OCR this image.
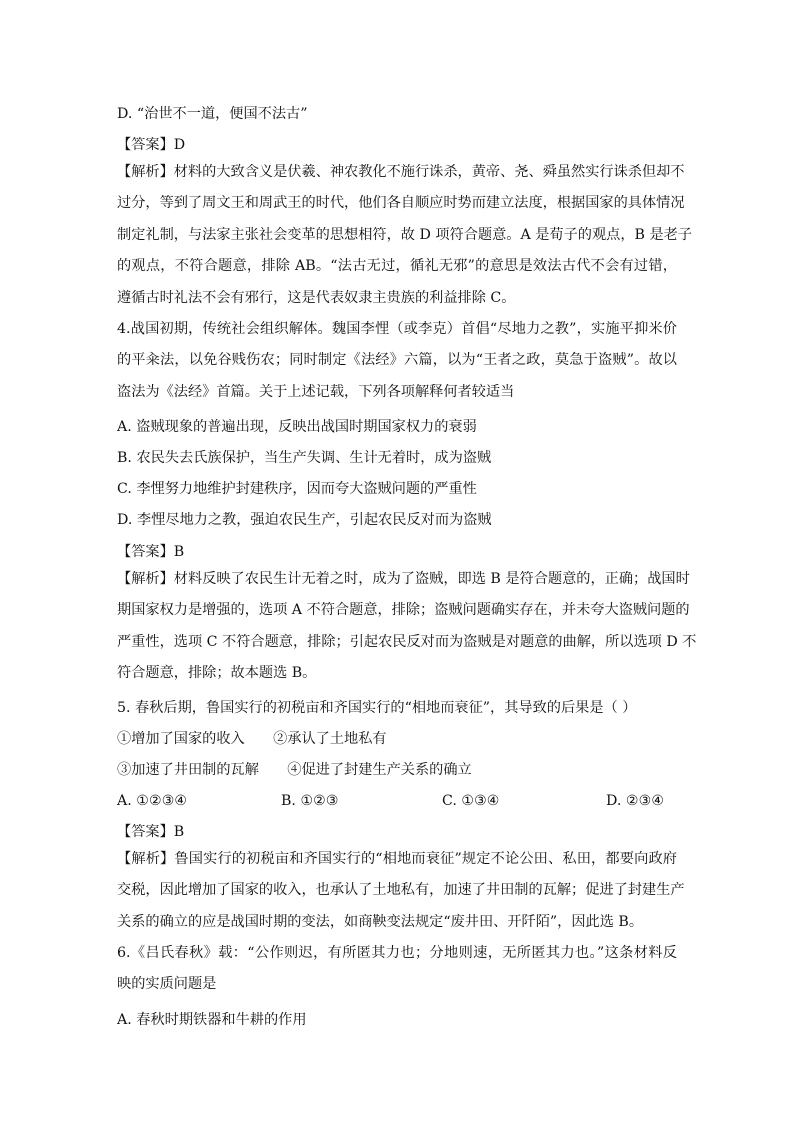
D. “治世不一道，便国不法古”
【答案】D
【解析】材料的大致含义是伏羲、神农教化不施行诛杀，黄帝、尧、舜虽然实行诛杀但却不
过分，等到了周文王和周武王的时代，他们各自顺应时势而建立法度，根据国家的具体情况
制定礼制，与法家主张社会变革的思想相符，故 D 项符合题意。A 是荀子的观点，B 是老子
的观点，不符合题意，排除 AB。“法古无过，循礼无邪”的意思是效法古代不会有过错，
遵循古时礼法不会有邪行，这是代表奴隶主贵族的利益排除 C。
4.战国初期，传统社会组织解体。魏国李悝（或李克）首倡“尽地力之教”，实施平抑米价
的平籴法，以免谷贱伤农；同时制定《法经》六篇，以为“王者之政，莫急于盗贼”。故以
盗法为《法经》首篇。关于上述记载，下列各项解释何者较适当
A. 盗贼现象的普遍出现，反映出战国时期国家权力的衰弱
B. 农民失去氏族保护，当生产失调、生计无着时，成为盗贼
C. 李悝努力地维护封建秩序，因而夸大盗贼问题的严重性
D. 李悝尽地力之教，强迫农民生产，引起农民反对而为盗贼
【答案】B
【解析】材料反映了农民生计无着之时，成为了盗贼，即选 B 是符合题意的，正确；战国时
期国家权力是增强的，选项 A 不符合题意，排除；盗贼问题确实存在，并未夸大盗贼问题的
严重性，选项 C 不符合题意，排除；引起农民反对而为盗贼是对题意的曲解，所以选项 D 不
符合题意，排除；故本题选 B。
5. 春秋后期，鲁国实行的初税亩和齐国实行的“相地而衰征”，其导致的后果是（ ）
①增加了国家的收入　　②承认了土地私有
③加速了井田制的瓦解　　④促进了封建生产关系的确立
A. ①②③④	B. ①②③	C. ①③④	D. ②③④
【答案】B
【解析】鲁国实行的初税亩和齐国实行的“相地而衰征”规定不论公田、私田，都要向政府
交税，因此增加了国家的收入，也承认了土地私有，加速了井田制的瓦解；促进了封建生产
关系的确立的应是战国时期的变法，如商鞅变法规定“废井田、开阡陌”，因此选 B。
6.《吕氏春秋》载：“公作则迟，有所匿其力也；分地则速，无所匿其力也。”这条材料反
映的实质问题是
A. 春秋时期铁器和牛耕的作用
